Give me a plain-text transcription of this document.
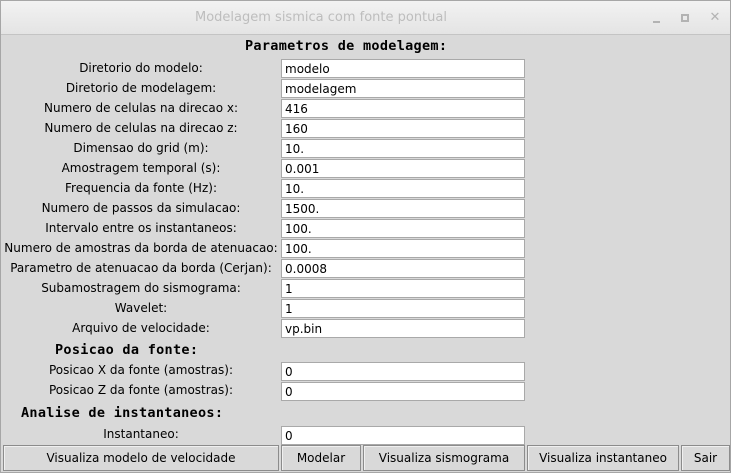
Modelagem sismica com fonte pontual	✕
Parametros de modelagem:
Diretorio do modelo:
modelo
Diretorio de modelagem:
modelagem
Numero de celulas na direcao x:
416
Numero de celulas na direcao z:
160
Dimensao do grid (m):
10.
Amostragem temporal (s):
0.001
Frequencia da fonte (Hz):
10.
Numero de passos da simulacao:
1500.
Intervalo entre os instantaneos:
100.
Numero de amostras da borda de atenuacao:
100.
Parametro de atenuacao da borda (Cerjan):
0.0008
Subamostragem do sismograma:
1
Wavelet:
1
Arquivo de velocidade:
vp.bin
Posicao da fonte:
Posicao X da fonte (amostras):
0
Posicao Z da fonte (amostras):
0
Analise de instantaneos:
Instantaneo:
0
Visualiza modelo de velocidade	Modelar	Visualiza sismograma	Visualiza instantaneo	Sair
